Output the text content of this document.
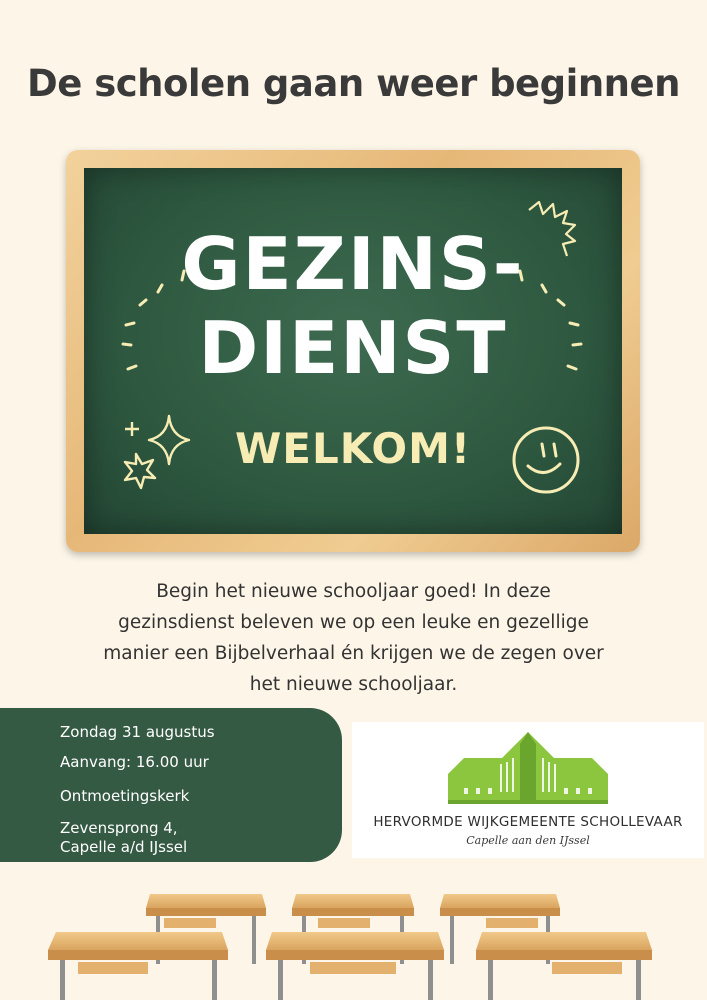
De scholen gaan weer beginnen
GEZINS-
DIENST
WELKOM!
Begin het nieuwe schooljaar goed! In deze
gezinsdienst beleven we op een leuke en gezellige
manier een Bijbelverhaal én krijgen we de zegen over
het nieuwe schooljaar.
Zondag 31 augustus
Aanvang: 16.00 uur
Ontmoetingskerk
Zevensprong 4,
Capelle a/d IJssel
HERVORMDE WIJKGEMEENTE SCHOLLEVAAR
Capelle aan den IJssel
